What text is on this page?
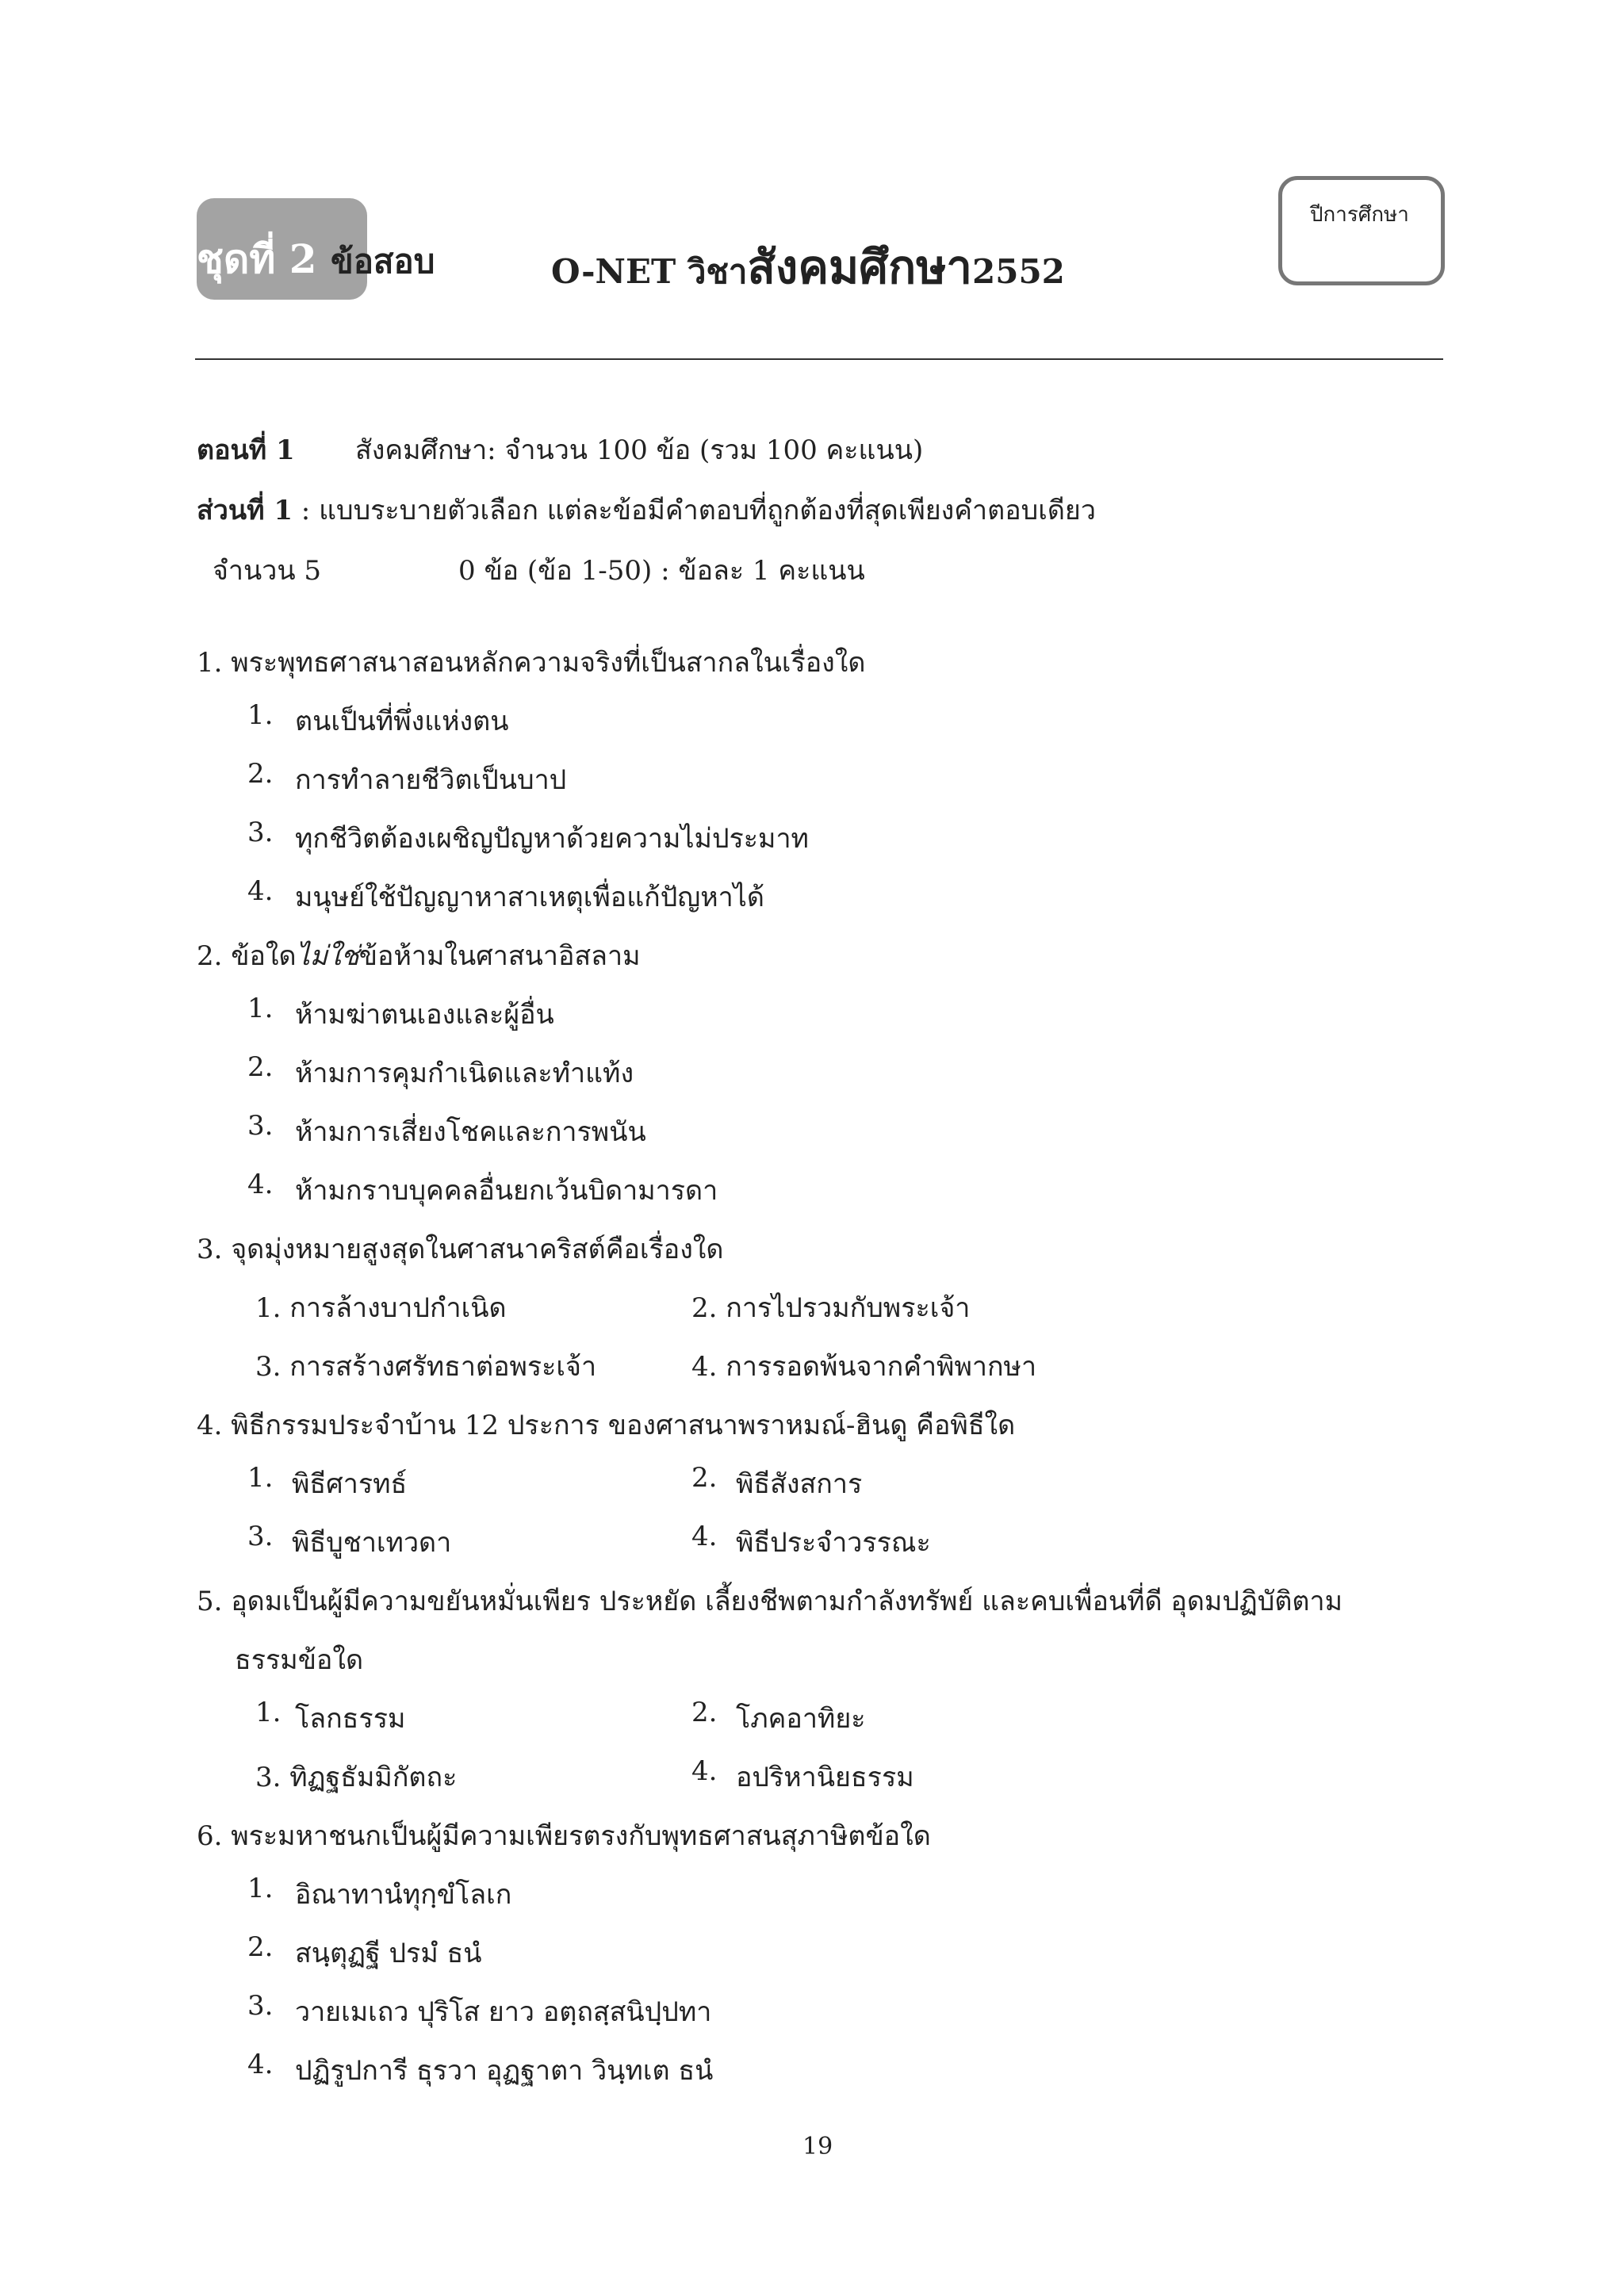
ชุดที่ 2 ข้อสอบ	O-NET วิชาสังคมศึกษา2552
ปีการศึกษา
ตอนที่ 1 สังคมศึกษา: จำนวน 100 ข้อ (รวม 100 คะแนน)
ส่วนที่ 1 : แบบระบายตัวเลือก แต่ละข้อมีคำตอบที่ถูกต้องที่สุดเพียงคำตอบเดียว
จำนวน 5	0 ข้อ (ข้อ 1-50) : ข้อละ 1 คะแนน
1. พระพุทธศาสนาสอนหลักความจริงที่เป็นสากลในเรื่องใด
1. ตนเป็นที่พึ่งแห่งตน
2. การทำลายชีวิตเป็นบาป
3. ทุกชีวิตต้องเผชิญปัญหาด้วยความไม่ประมาท
4. มนุษย์ใช้ปัญญาหาสาเหตุเพื่อแก้ปัญหาได้
2. ข้อใดไม่ใช่ข้อห้ามในศาสนาอิสลาม
1. ห้ามฆ่าตนเองและผู้อื่น
2. ห้ามการคุมกำเนิดและทำแท้ง
3. ห้ามการเสี่ยงโชคและการพนัน
4. ห้ามกราบบุคคลอื่นยกเว้นบิดามารดา
3. จุดมุ่งหมายสูงสุดในศาสนาคริสต์คือเรื่องใด
1. การล้างบาปกำเนิด	2. การไปรวมกับพระเจ้า
3. การสร้างศรัทธาต่อพระเจ้า	4. การรอดพ้นจากคำพิพากษา
4. พิธีกรรมประจำบ้าน 12 ประการ ของศาสนาพราหมณ์-ฮินดู คือพิธีใด
1. พิธีศารทธ์	2. พิธีสังสการ
3. พิธีบูชาเทวดา	4. พิธีประจำวรรณะ
5. อุดมเป็นผู้มีความขยันหมั่นเพียร ประหยัด เลี้ยงชีพตามกำลังทรัพย์ และคบเพื่อนที่ดี อุดมปฏิบัติตาม
ธรรมข้อใด
1. โลกธรรม	2. โภคอาทิยะ
3. ทิฏฐธัมมิกัตถะ	4. อปริหานิยธรรม
6. พระมหาชนกเป็นผู้มีความเพียรตรงกับพุทธศาสนสุภาษิตข้อใด
1. อิณาทานํทุกฺขํโลเก
2. สนฺตุฏฐี ปรมํ ธนํ
3. วายเมเถว ปุริโส ยาว อตฺถสฺสนิปฺปทา
4. ปฏิรูปการี ธุรวา อุฏฐาตา วินฺทเต ธนํ
19
